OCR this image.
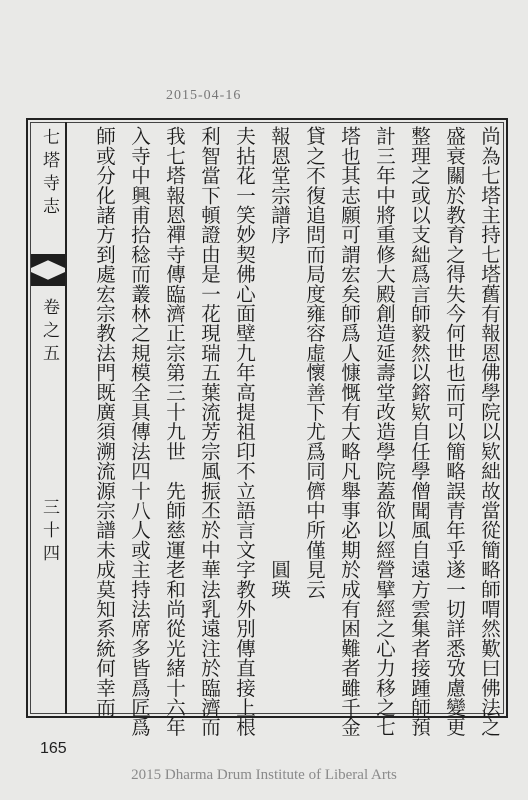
2015-04-16
七塔寺志
卷之五
三十四	尚為七塔主持七塔舊有報恩佛學院以欵絀故當從簡略師喟然歎曰佛法之
盛衰關於教育之得失今何世也而可以簡略誤青年乎遂一切詳悉攷慮變更
整理之或以支絀爲言師毅然以鎔欵自任學僧聞風自遠方雲集者接踵師預
計三年中將重修大殿創造延壽堂改造學院蓋欲以經營擘經之心力移之七
塔也其志願可謂宏矣師爲人慷慨有大略凡舉事必期於成有困難者雖千金
貸之不復追問而局度雍容虛懷善下尤爲同儕中所僅見云
報恩堂宗譜序　　　　　　　　　　　　　　　　圓瑛
夫拈花一笑妙契佛心面壁九年高提祖印不立語言文字教外別傳直接上根
利智當下頓證由是一花現瑞五葉流芳宗風振丕於中華法乳遠注於臨濟而
我七塔報恩禪寺傳臨濟正宗第三十九世　先師慈運老和尚從光緒十六年
入寺中興甫拾稔而叢林之規模全具傳法四十八人或主持法席多皆爲匠爲
師或分化諸方到處宏宗教法門既廣須溯流源宗譜未成莫知系統何幸而
165
2015 Dharma Drum Institute of Liberal Arts
